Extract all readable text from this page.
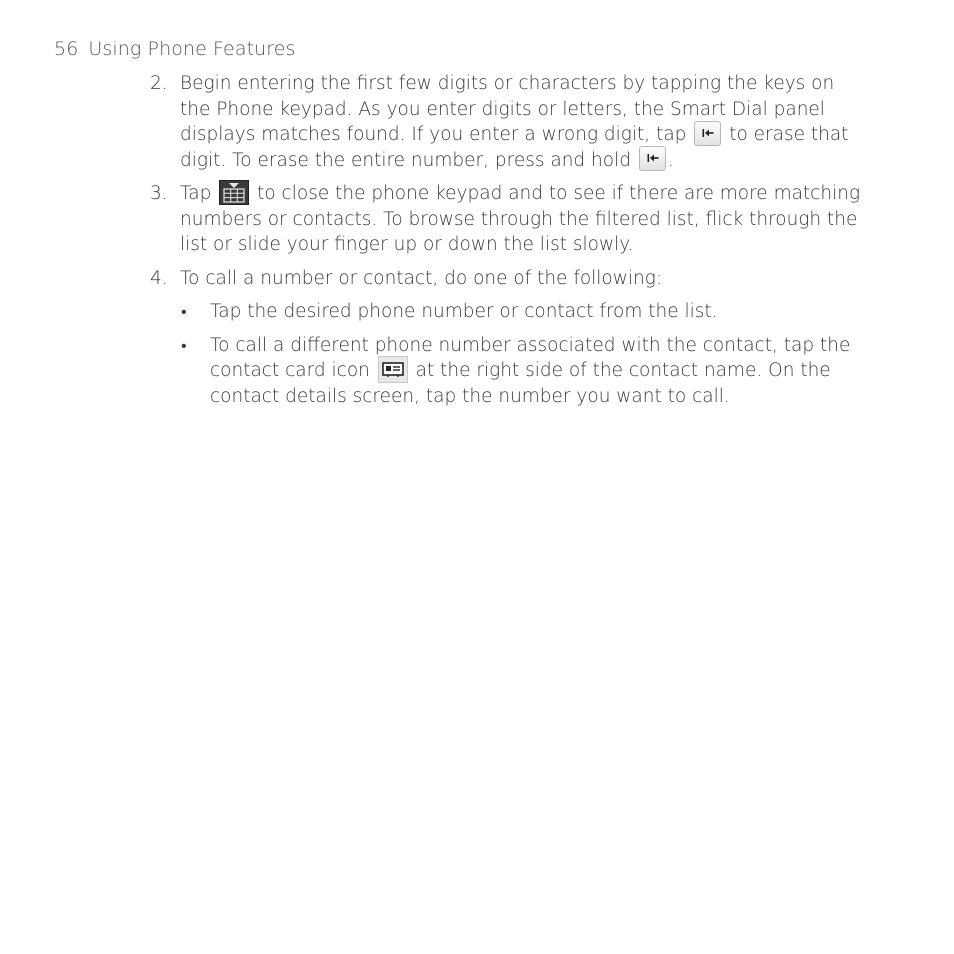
56 Using Phone Features
2. Begin entering the first few digits or characters by tapping the keys on the Phone keypad. As you enter digits or letters, the Smart Dial panel displays matches found. If you enter a wrong digit, tap to erase that digit. To erase the entire number, press and hold .
3. Tap to close the phone keypad and to see if there are more matching numbers or contacts. To browse through the filtered list, flick through the list or slide your finger up or down the list slowly.
4. To call a number or contact, do one of the following:
• Tap the desired phone number or contact from the list.
• To call a different phone number associated with the contact, tap the contact card icon at the right side of the contact name. On the contact details screen, tap the number you want to call.
